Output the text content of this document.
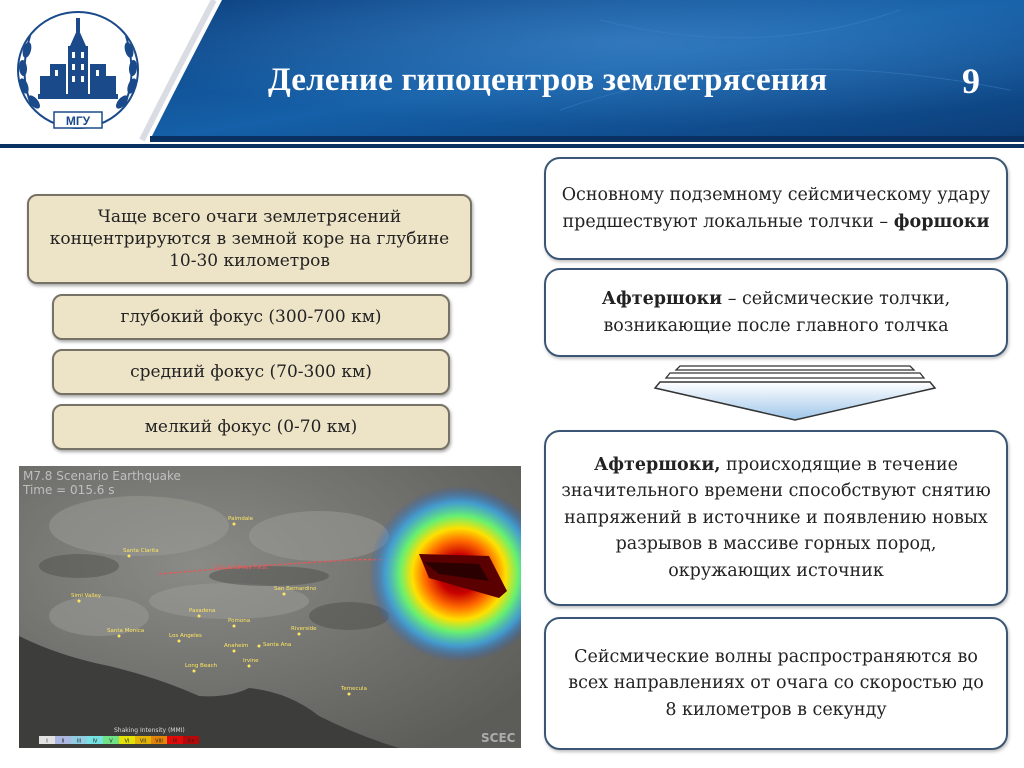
МГУ
Деление гипоцентров землетрясения	9
Чаще всего очаги землетрясений концентрируются в земной коре на глубине 10-30 километров
глубокий фокус (300-700 км)
средний фокус (70-300 км)
мелкий фокус (0-70 км)
M7.8 Scenario Earthquake
Time = 015.6 s
San Andreas Fault
Palmdale
Santa Clarita
Pasadena
Los Angeles
Long Beach
Pomona
Riverside
Santa Monica
San Bernardino
Irvine
Simi Valley
Anaheim	Santa Ana
Temecula
Shaking Intensity (MMI)
I	II III IV V VI VII VIII IX X+	SCEC
Основному подземному сейсмическому удару предшествуют локальные толчки – форшоки
Афтершоки – сейсмические толчки, возникающие после главного толчка
Афтершоки, происходящие в течение значительного времени способствуют снятию напряжений в источнике и появлению новых разрывов в массиве горных пород, окружающих источник
Сейсмические волны распространяются во всех направлениях от очага со скоростью до 8 километров в секунду
